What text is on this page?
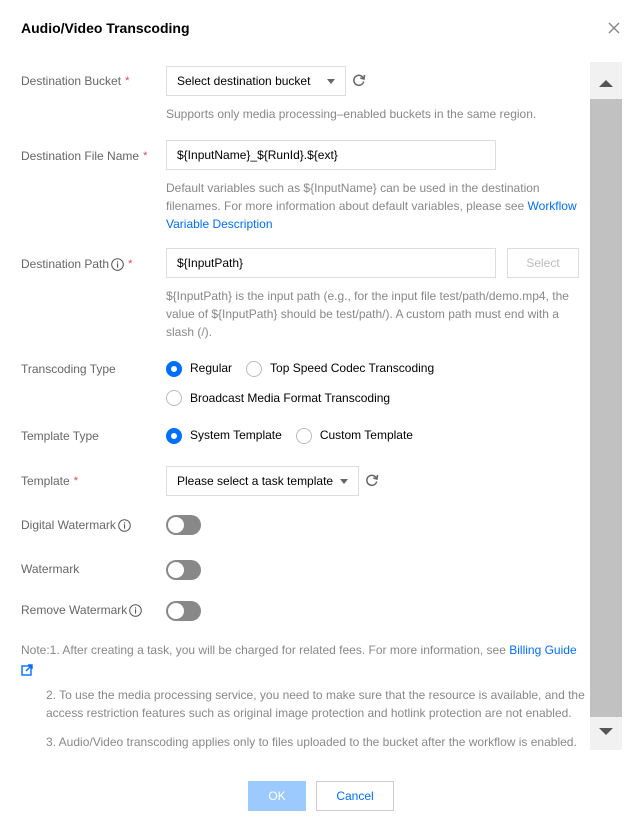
Audio/Video Transcoding
Destination Bucket *	Select destination bucket
Supports only media processing–enabled buckets in the same region.
Destination File Name *	${InputName}_${RunId}.${ext}
Default variables such as ${InputName} can be used in the destination filenames. For more information about default variables, please see Workflow Variable Description
Destination Path *	${InputPath}	Select
${InputPath} is the input path (e.g., for the input file test/path/demo.mp4, the value of ${InputPath} should be test/path/). A custom path must end with a slash (/).
Transcoding Type	Regular	Top Speed Codec Transcoding
Broadcast Media Format Transcoding
Template Type	System Template	Custom Template
Template *	Please select a task template
Digital Watermark
Watermark
Remove Watermark
Note:1. After creating a task, you will be charged for related fees. For more information, see Billing Guide

2. To use the media processing service, you need to make sure that the resource is available, and the access restriction features such as original image protection and hotlink protection are not enabled.
3. Audio/Video transcoding applies only to files uploaded to the bucket after the workflow is enabled.
OK	Cancel
